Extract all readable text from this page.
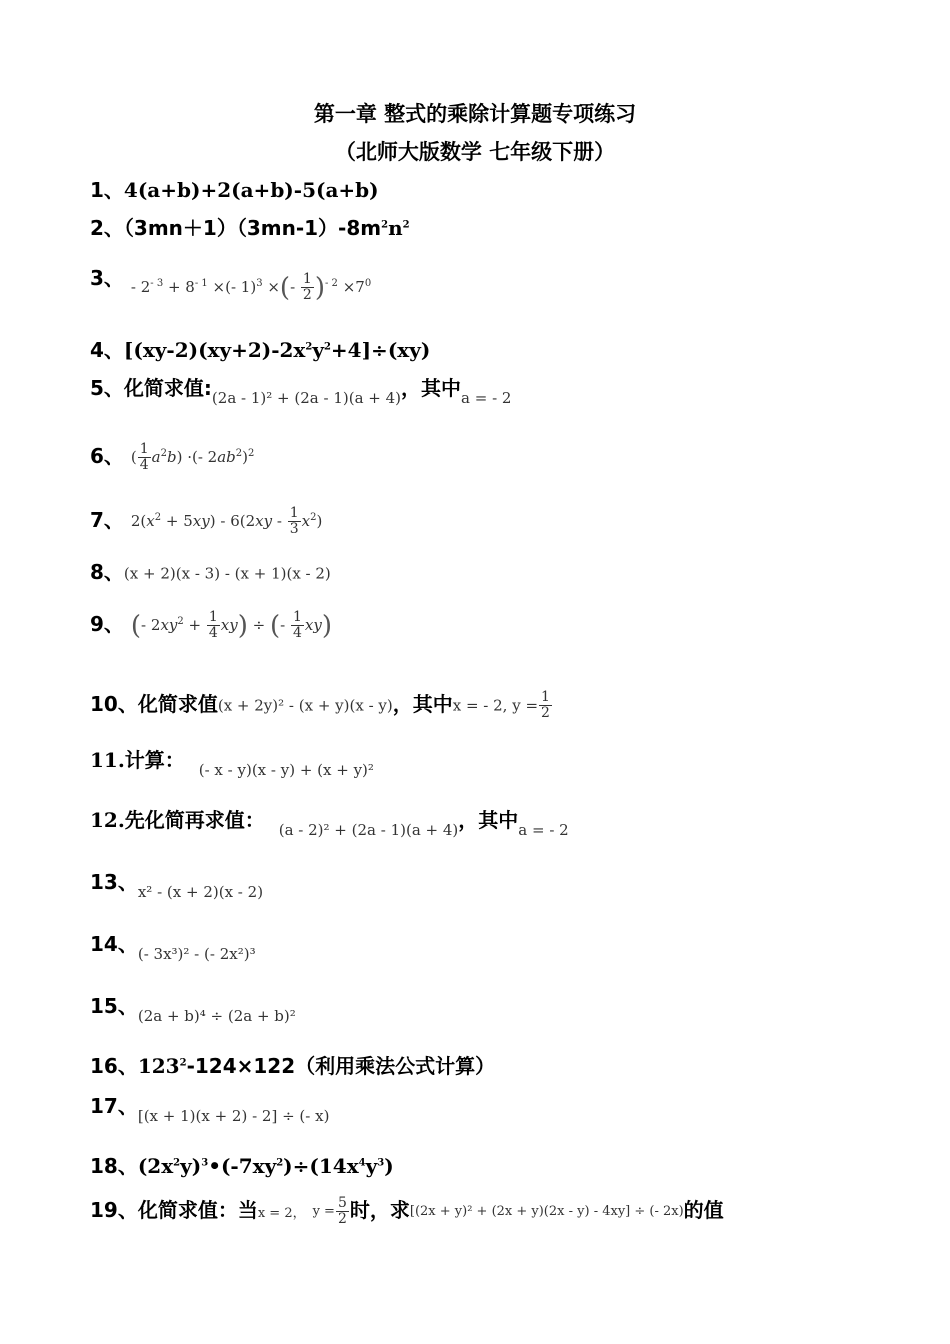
第一章 整式的乘除计算题专项练习
（北师大版数学 七年级下册）
1、4(a+b)+2(a+b)-5(a+b)
2、$(3mn+1)(3mn-1)-8m^2n^2$
3、 $_{- 2^{- 3} + 8^{- 1} \times(- 1)^3 \times(- \frac{1}{2} )^{- 2} \times 7^0}$
4、$[(xy-2)(xy+2)-2x^2y^2+4]\div(xy)$
5、化简求值$:_{(2a - 1)^2 + (2a - 1)(a + 4)}$，其中$_{a = - 2}$
6、 ( $\frac{1}{4} a^2b$) ·(- $2ab^2)^2$
7、 $2(x^2 + 5xy) - 6(2xy - \frac{1}{3} x^2)$
8、(x + 2)(x - 3) - (x + 1)(x - 2)
9、 (- $2xy^2 + \frac{1}{4} xy$) ÷ (- $\frac{1}{4} xy$)
10、化简求值(x + 2y)² - (x + y)(x - y)，其中x = - 2, $y = \frac{1}{2}$
11.计算： $_{(- x - y)(x - y) + (x + y)^2}$
12.先化简再求值： $_{(a - 2)^2 + (2a - 1)(a + 4)}$，其中$_{a = - 2}$
13、$_{x^2 - (x + 2)(x - 2)}$
14、$_{(- 3x^3)^2 - (- 2x^2)^3}$
15、$_{(2a + b)^4 \div (2a + b)^2}$
16、$123^2-124\times 122$（利用乘法公式计算）
17、$_{[(x + 1)(x + 2) - 2] \div (- x)}$
18、$(2x^2y)^3•(-7xy^2)\div(14x^4y^3)$
19、化简求值：当x = 2， $y = \frac{5}{2}$ 时，求[(2x + y)² + (2x + y)(2x - y) - 4xy] ÷ (- 2x)的值
